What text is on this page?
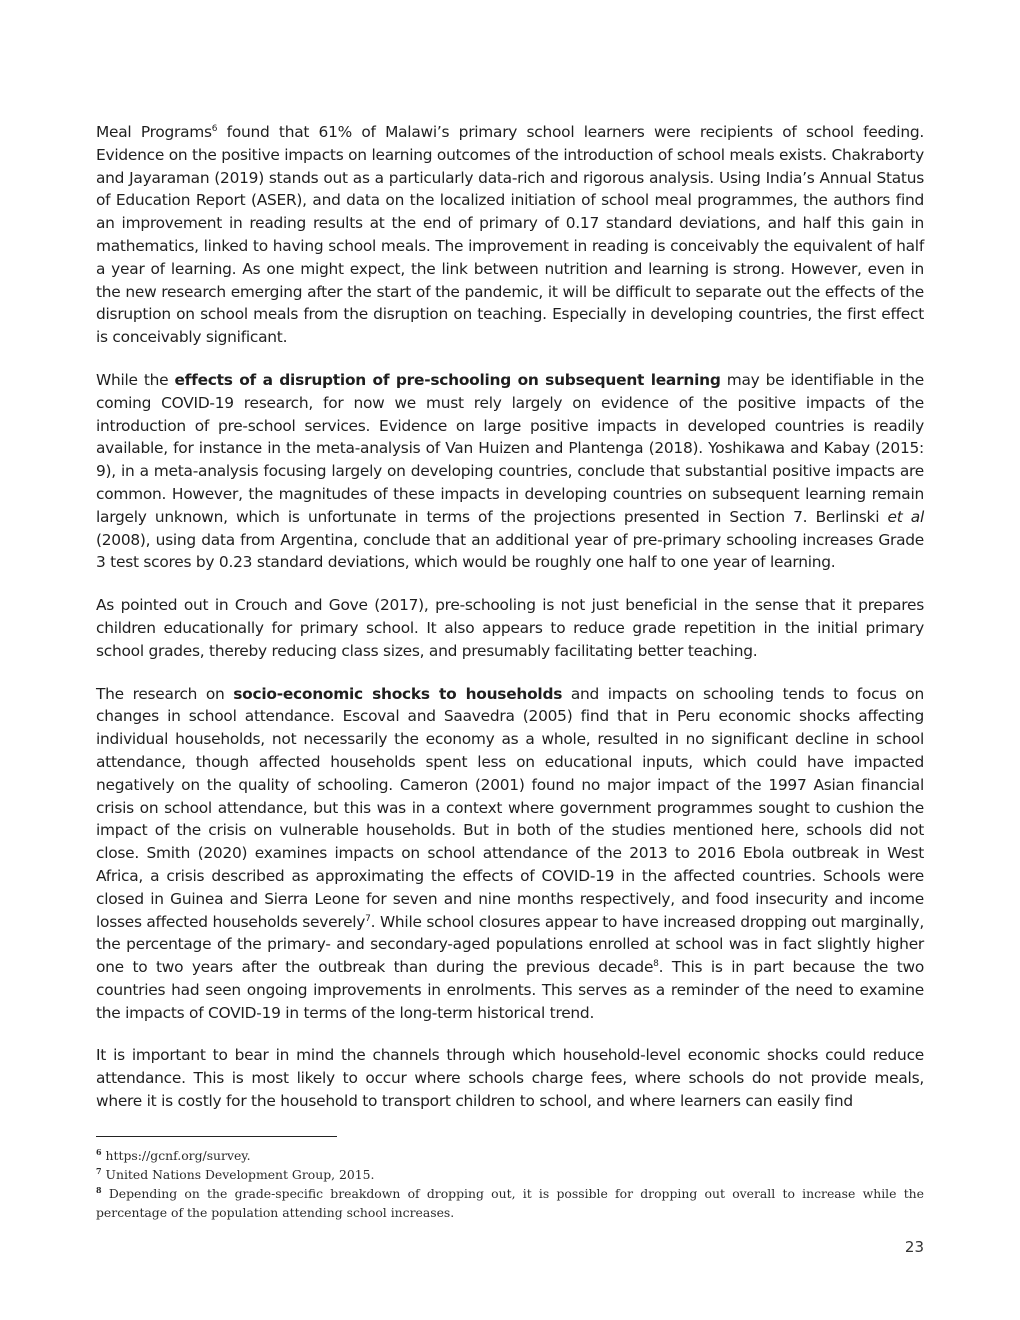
Meal Programs$^6$ found that 61% of Malawi’s primary school learners were recipients of school feeding. Evidence on the positive impacts on learning outcomes of the introduction of school meals exists. Chakraborty and Jayaraman (2019) stands out as a particularly data-rich and rigorous analysis. Using India’s Annual Status of Education Report (ASER), and data on the localized initiation of school meal programmes, the authors find an improvement in reading results at the end of primary of 0.17 standard deviations, and half this gain in mathematics, linked to having school meals. The improvement in reading is conceivably the equivalent of half a year of learning. As one might expect, the link between nutrition and learning is strong. However, even in the new research emerging after the start of the pandemic, it will be difficult to separate out the effects of the disruption on school meals from the disruption on teaching. Especially in developing countries, the first effect is conceivably significant.

While the effects of a disruption of pre-schooling on subsequent learning may be identifiable in the coming COVID-19 research, for now we must rely largely on evidence of the positive impacts of the introduction of pre-school services. Evidence on large positive impacts in developed countries is readily available, for instance in the meta-analysis of Van Huizen and Plantenga (2018). Yoshikawa and Kabay (2015: 9), in a meta-analysis focusing largely on developing countries, conclude that substantial positive impacts are common. However, the magnitudes of these impacts in developing countries on subsequent learning remain largely unknown, which is unfortunate in terms of the projections presented in Section 7. Berlinski et al (2008), using data from Argentina, conclude that an additional year of pre-primary schooling increases Grade 3 test scores by 0.23 standard deviations, which would be roughly one half to one year of learning.

As pointed out in Crouch and Gove (2017), pre-schooling is not just beneficial in the sense that it prepares children educationally for primary school. It also appears to reduce grade repetition in the initial primary school grades, thereby reducing class sizes, and presumably facilitating better teaching.

The research on socio-economic shocks to households and impacts on schooling tends to focus on changes in school attendance. Escoval and Saavedra (2005) find that in Peru economic shocks affecting individual households, not necessarily the economy as a whole, resulted in no significant decline in school attendance, though affected households spent less on educational inputs, which could have impacted negatively on the quality of schooling. Cameron (2001) found no major impact of the 1997 Asian financial crisis on school attendance, but this was in a context where government programmes sought to cushion the impact of the crisis on vulnerable households. But in both of the studies mentioned here, schools did not close. Smith (2020) examines impacts on school attendance of the 2013 to 2016 Ebola outbreak in West Africa, a crisis described as approximating the effects of COVID-19 in the affected countries. Schools were closed in Guinea and Sierra Leone for seven and nine months respectively, and food insecurity and income losses affected households severely$^7$. While school closures appear to have increased dropping out marginally, the percentage of the primary- and secondary-aged populations enrolled at school was in fact slightly higher one to two years after the outbreak than during the previous decade$^8$. This is in part because the two countries had seen ongoing improvements in enrolments. This serves as a reminder of the need to examine the impacts of COVID-19 in terms of the long-term historical trend.

It is important to bear in mind the channels through which household-level economic shocks could reduce attendance. This is most likely to occur where schools charge fees, where schools do not provide meals, where it is costly for the household to transport children to school, and where learners can easily find

$^6$ https://gcnf.org/survey.

$^7$ United Nations Development Group, 2015.

$^8$ Depending on the grade-specific breakdown of dropping out, it is possible for dropping out overall to increase while the percentage of the population attending school increases.

23
